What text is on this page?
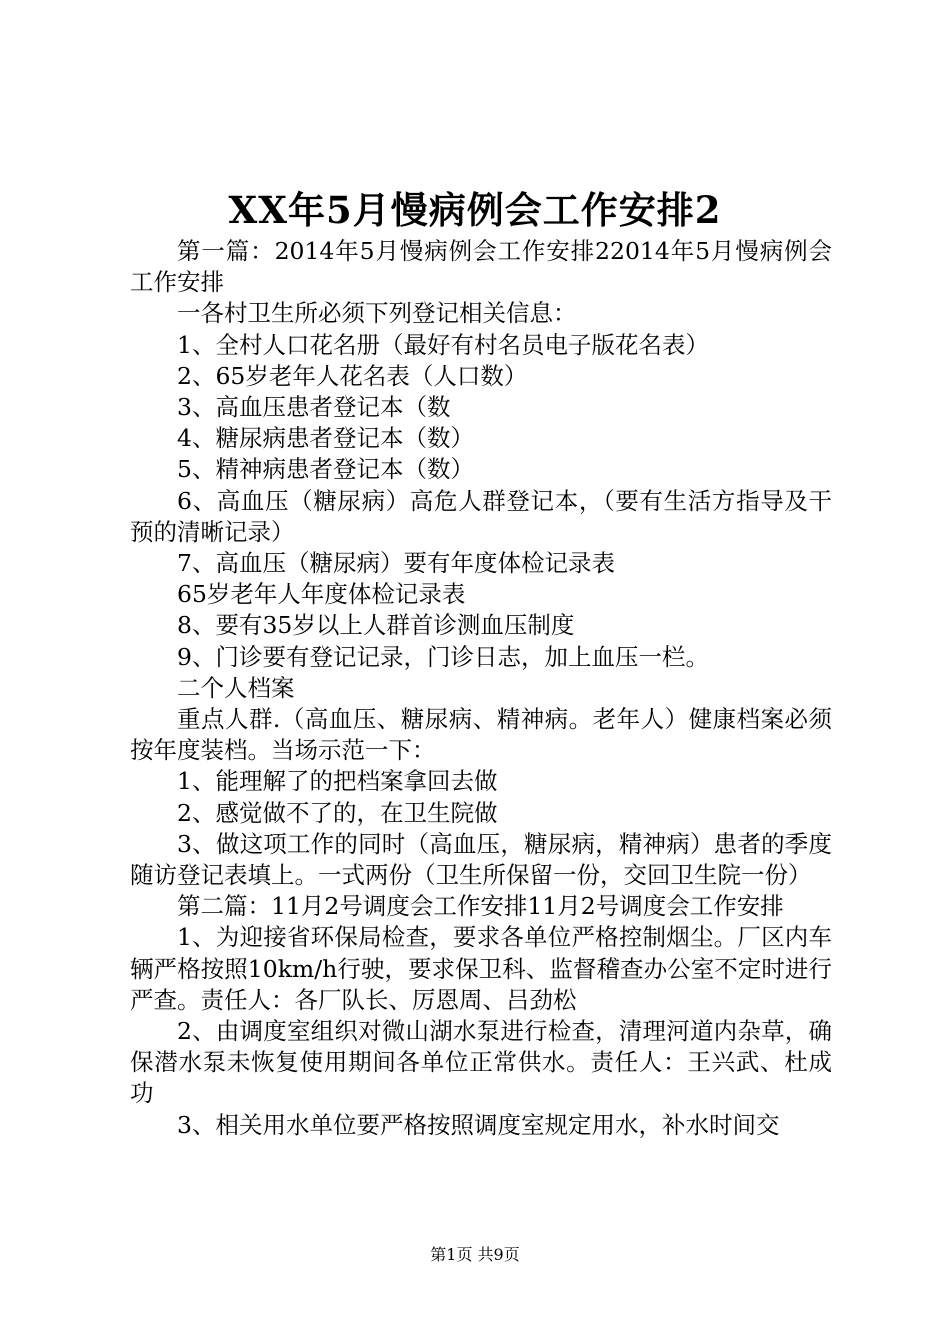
XX年5月慢病例会工作安排2

第一篇：2014年5月慢病例会工作安排22014年5月慢病例会工作安排

一各村卫生所必须下列登记相关信息：

1、全村人口花名册（最好有村名员电子版花名表）

2、65岁老年人花名表（人口数）

3、高血压患者登记本（数

4、糖尿病患者登记本（数）

5、精神病患者登记本（数）

6、高血压（糖尿病）高危人群登记本，（要有生活方指导及干预的清晰记录）

7、高血压（糖尿病）要有年度体检记录表

65岁老年人年度体检记录表

8、要有35岁以上人群首诊测血压制度

9、门诊要有登记记录，门诊日志，加上血压一栏。

二个人档案

重点人群.（高血压、糖尿病、精神病。老年人）健康档案必须按年度装档。当场示范一下：

1、能理解了的把档案拿回去做

2、感觉做不了的，在卫生院做

3、做这项工作的同时（高血压，糖尿病，精神病）患者的季度随访登记表填上。一式两份（卫生所保留一份，交回卫生院一份）

第二篇：11月2号调度会工作安排11月2号调度会工作安排

1、为迎接省环保局检查，要求各单位严格控制烟尘。厂区内车辆严格按照10km/h行驶，要求保卫科、监督稽查办公室不定时进行严查。责任人：各厂队长、厉恩周、吕劲松

2、由调度室组织对微山湖水泵进行检查，清理河道内杂草，确保潜水泵未恢复使用期间各单位正常供水。责任人：王兴武、杜成功

3、相关用水单位要严格按照调度室规定用水，补水时间交

第1页 共9页
